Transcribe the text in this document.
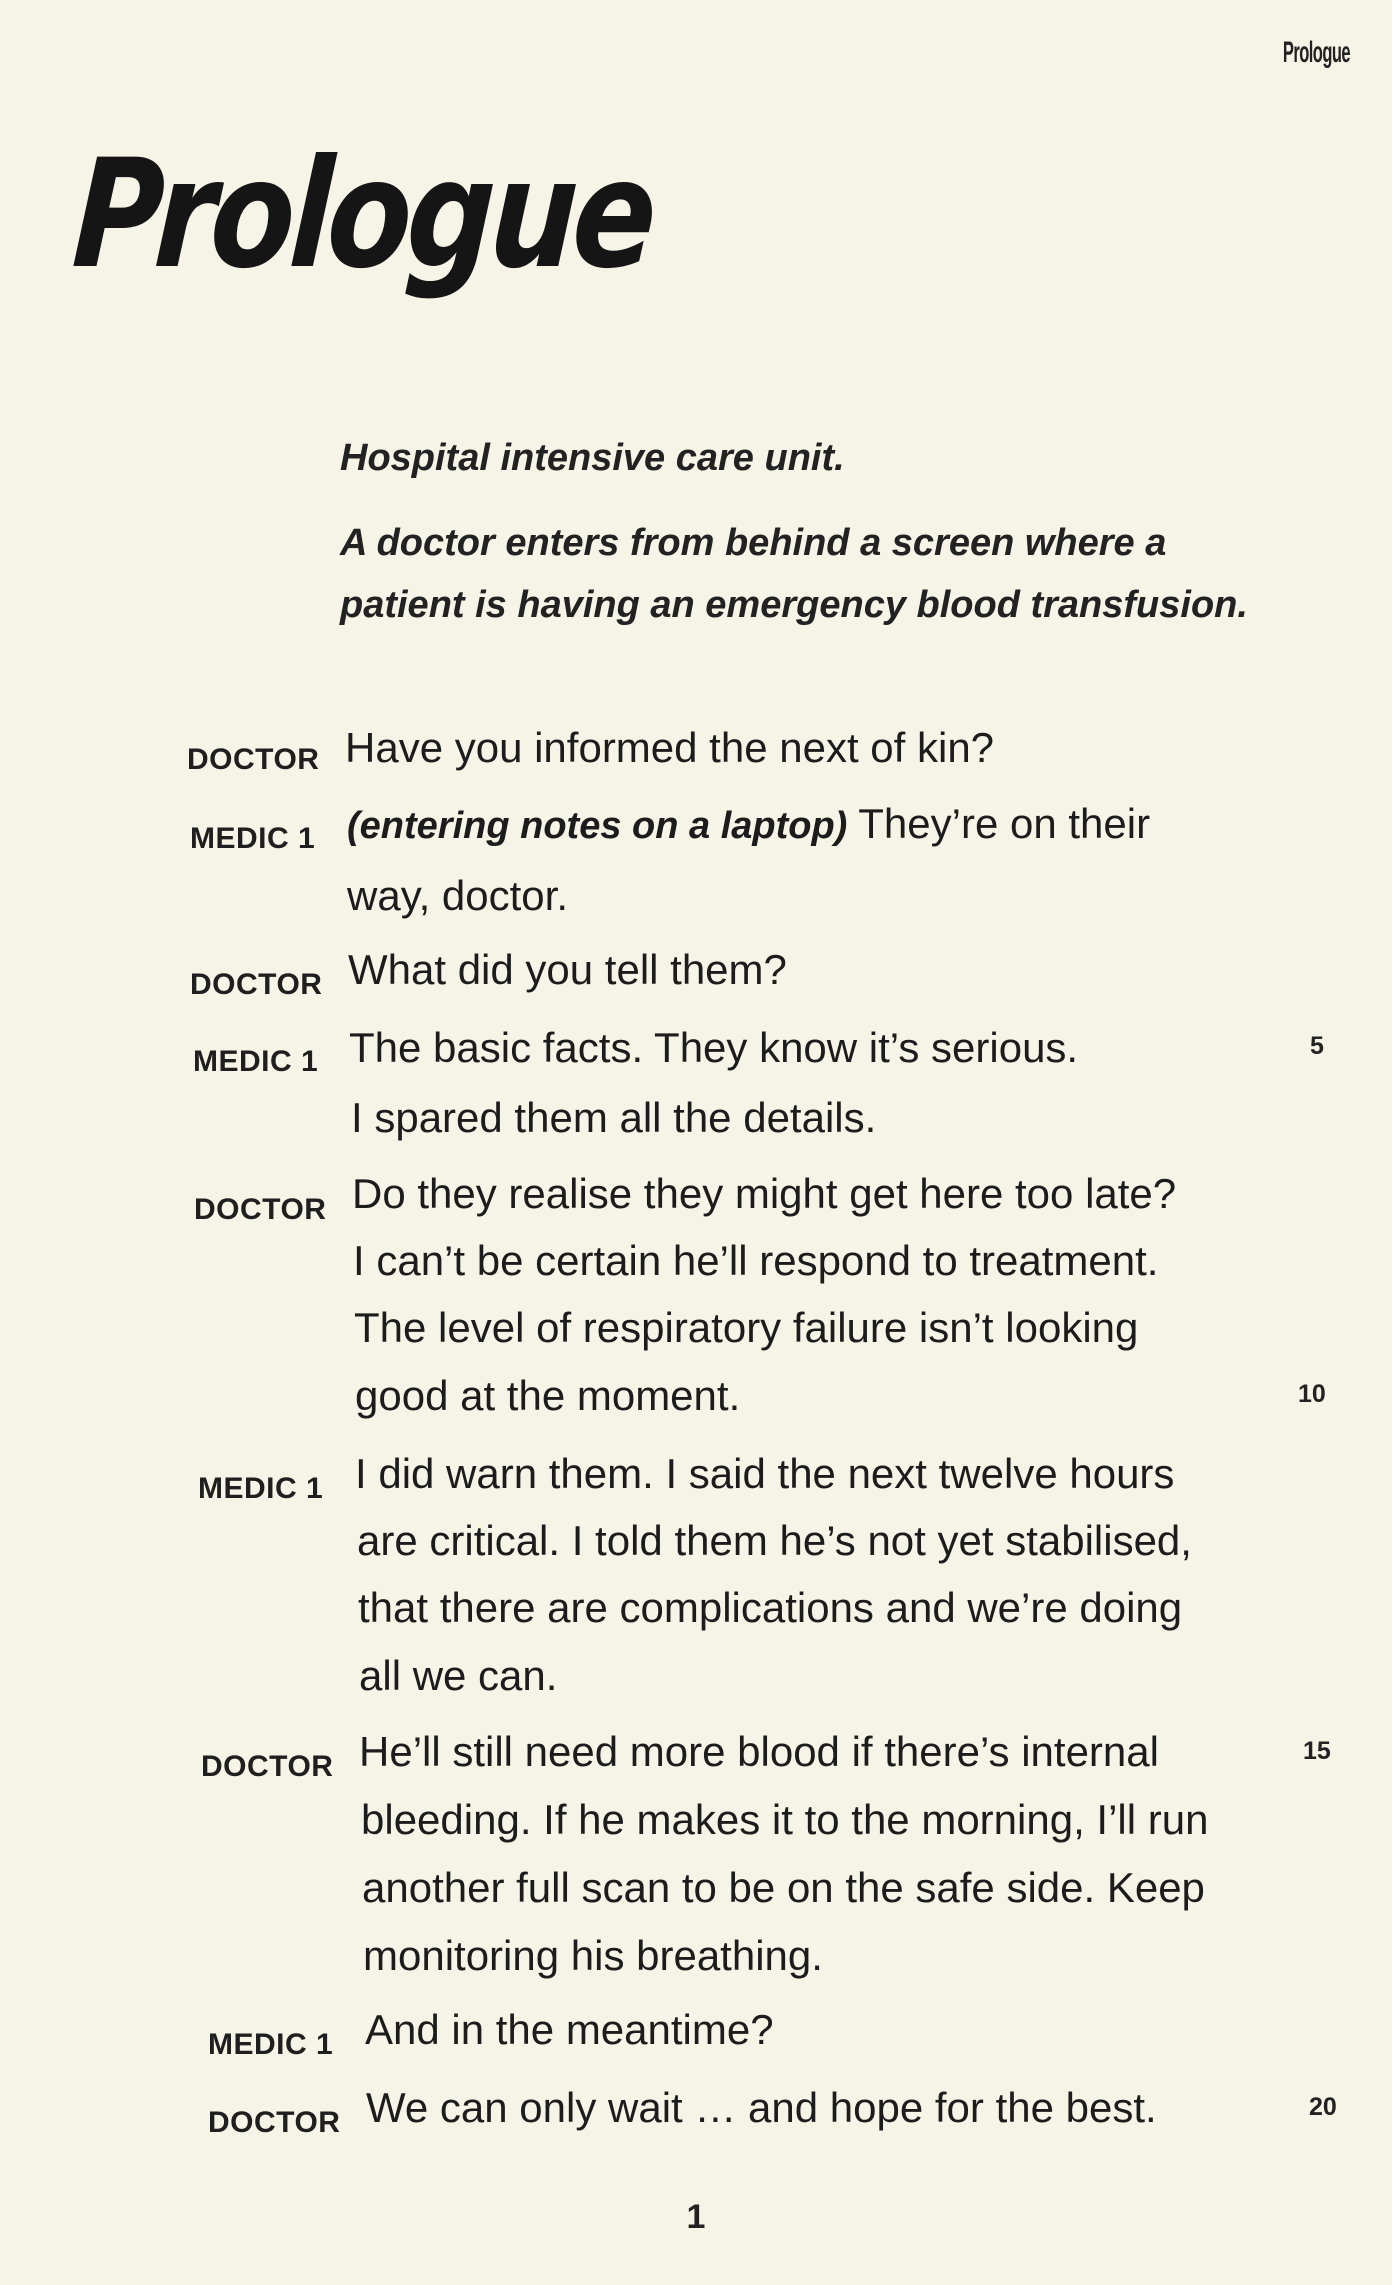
Prologue
Prologue
Hospital intensive care unit.
A doctor enters from behind a screen where a
patient is having an emergency blood transfusion.
DOCTOR Have you informed the next of kin?
MEDIC 1 (entering notes on a laptop) They’re on their
way, doctor.
DOCTOR What did you tell them?
MEDIC 1 The basic facts. They know it’s serious.
I spared them all the details.
5
DOCTOR Do they realise they might get here too late?
I can’t be certain he’ll respond to treatment.
The level of respiratory failure isn’t looking
good at the moment.	10
MEDIC 1 I did warn them. I said the next twelve hours
are critical. I told them he’s not yet stabilised,
that there are complications and we’re doing
all we can.
DOCTOR He’ll still need more blood if there’s internal
bleeding. If he makes it to the morning, I’ll run
another full scan to be on the safe side. Keep
monitoring his breathing.
15
MEDIC 1 And in the meantime?
DOCTOR We can only wait … and hope for the best.	20
1
